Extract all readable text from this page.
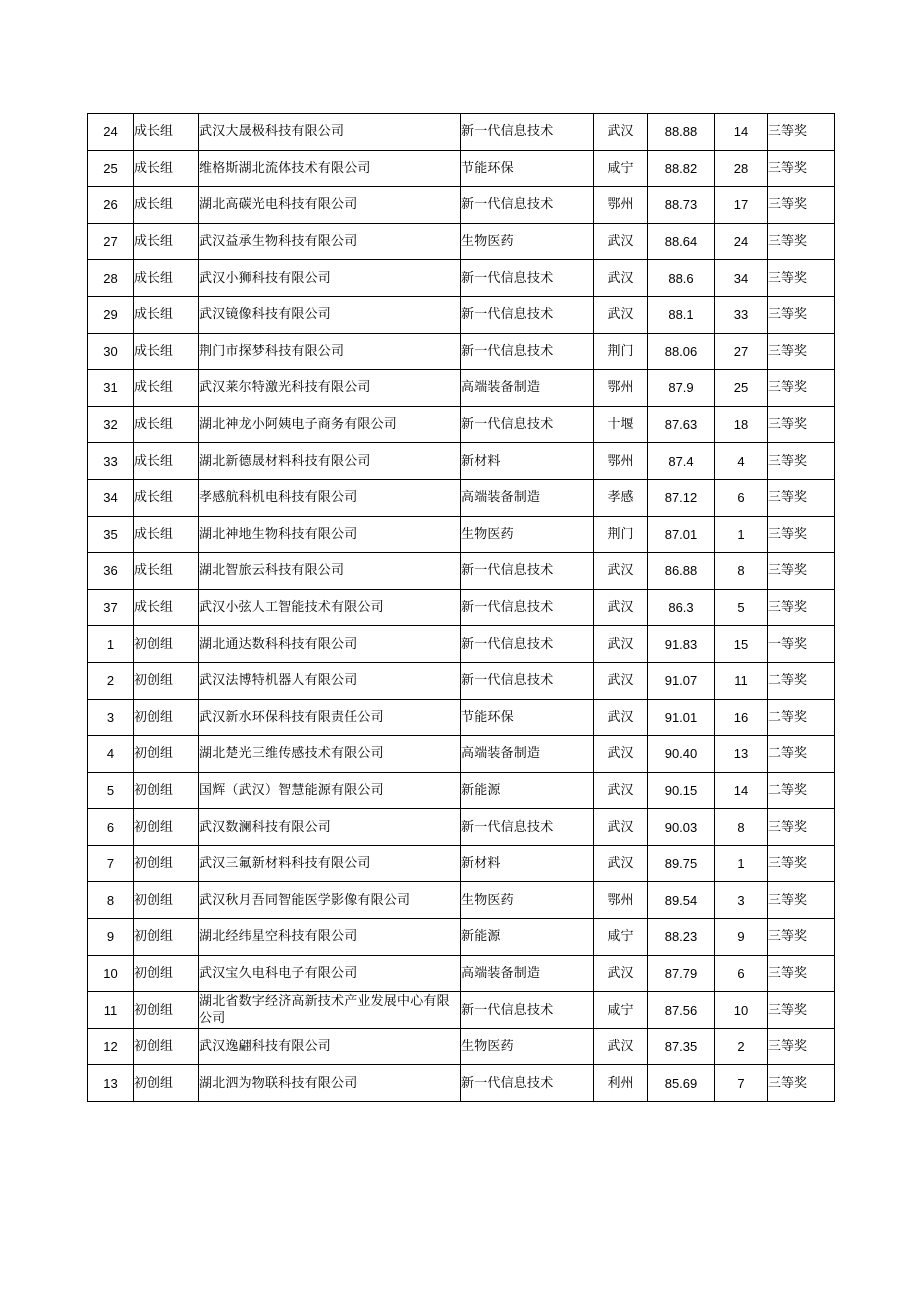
24	成长组	武汉大晟极科技有限公司	新一代信息技术	武汉	88.88	14	三等奖
25	成长组	维格斯湖北流体技术有限公司	节能环保	咸宁	88.82	28	三等奖
26	成长组	湖北高碳光电科技有限公司	新一代信息技术	鄂州	88.73	17	三等奖
27	成长组	武汉益承生物科技有限公司	生物医药	武汉	88.64	24	三等奖
28	成长组	武汉小狮科技有限公司	新一代信息技术	武汉	88.6	34	三等奖
29	成长组	武汉镜像科技有限公司	新一代信息技术	武汉	88.1	33	三等奖
30	成长组	荆门市探梦科技有限公司	新一代信息技术	荆门	88.06	27	三等奖
31	成长组	武汉莱尔特激光科技有限公司	高端装备制造	鄂州	87.9	25	三等奖
32	成长组	湖北神龙小阿姨电子商务有限公司	新一代信息技术	十堰	87.63	18	三等奖
33	成长组	湖北新德晟材料科技有限公司	新材料	鄂州	87.4	4	三等奖
34	成长组	孝感航科机电科技有限公司	高端装备制造	孝感	87.12	6	三等奖
35	成长组	湖北神地生物科技有限公司	生物医药	荆门	87.01	1	三等奖
36	成长组	湖北智旅云科技有限公司	新一代信息技术	武汉	86.88	8	三等奖
37	成长组	武汉小弦人工智能技术有限公司	新一代信息技术	武汉	86.3	5	三等奖
1	初创组	湖北通达数科科技有限公司	新一代信息技术	武汉	91.83	15	一等奖
2	初创组	武汉法博特机器人有限公司	新一代信息技术	武汉	91.07	11	二等奖
3	初创组	武汉新水环保科技有限责任公司	节能环保	武汉	91.01	16	二等奖
4	初创组	湖北楚光三维传感技术有限公司	高端装备制造	武汉	90.40	13	二等奖
5	初创组	国辉（武汉）智慧能源有限公司	新能源	武汉	90.15	14	二等奖
6	初创组	武汉数澜科技有限公司	新一代信息技术	武汉	90.03	8	三等奖
7	初创组	武汉三氟新材料科技有限公司	新材料	武汉	89.75	1	三等奖
8	初创组	武汉秋月吾同智能医学影像有限公司	生物医药	鄂州	89.54	3	三等奖
9	初创组	湖北经纬星空科技有限公司	新能源	咸宁	88.23	9	三等奖
10	初创组	武汉宝久电科电子有限公司	高端装备制造	武汉	87.79	6	三等奖
11	初创组	湖北省数字经济高新技术产业发展中心有限公司	新一代信息技术	咸宁	87.56	10	三等奖
12	初创组	武汉逸翩科技有限公司	生物医药	武汉	87.35	2	三等奖
13	初创组	湖北泗为物联科技有限公司	新一代信息技术	利州	85.69	7	三等奖
